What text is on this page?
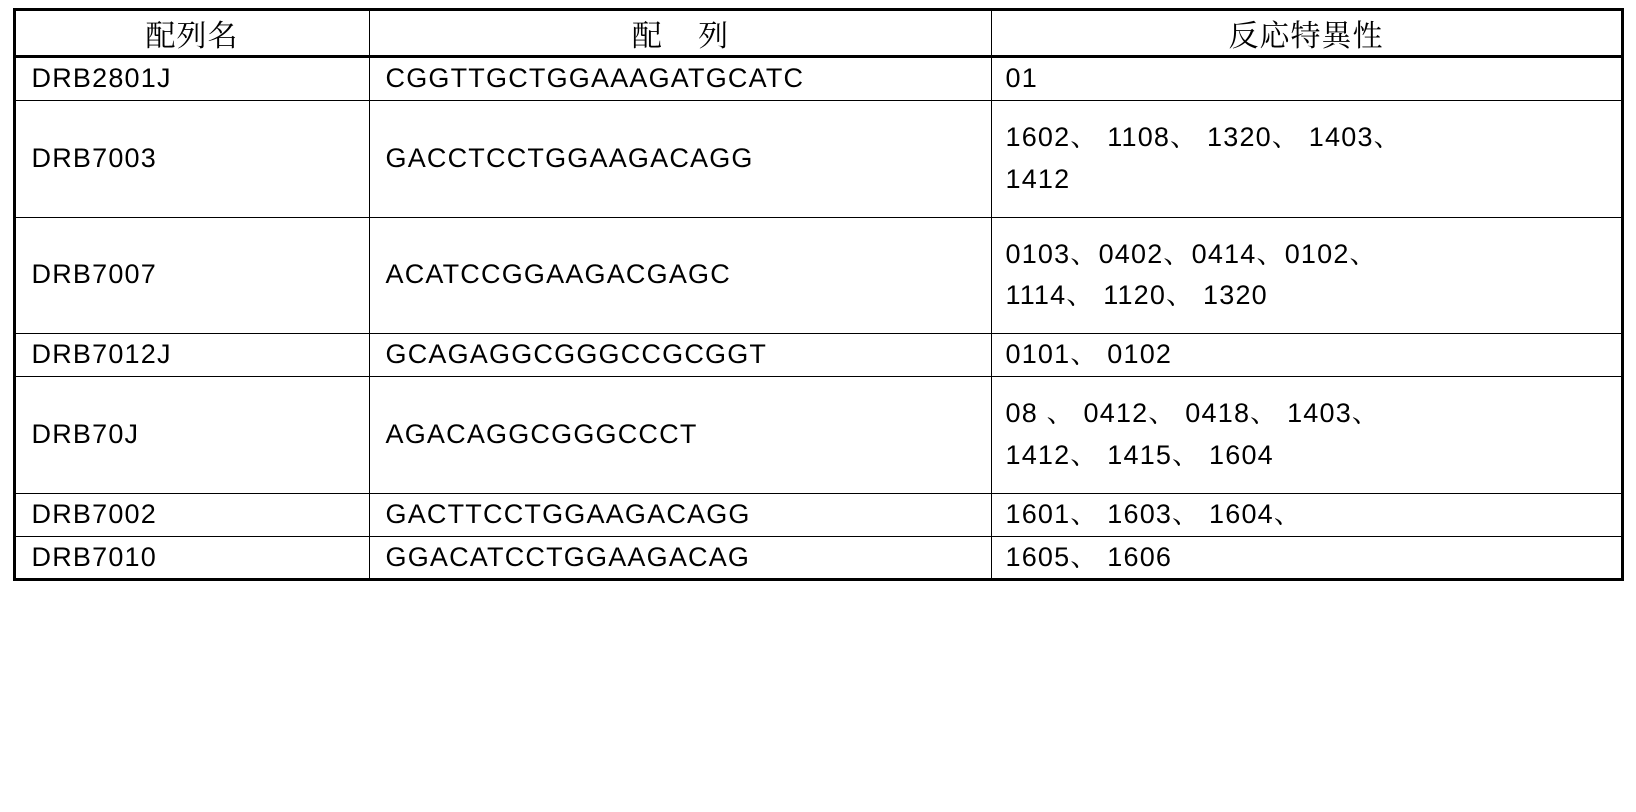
配列名	配 列	反応特異性
DRB2801J	CGGTTGCTGGAAAGATGCATC	01
DRB7003	GACCTCCTGGAAGACAGG	1602、 1108、 1320、 1403、
1412
DRB7007	ACATCCGGAAGACGAGC	0103、0402、0414、0102、
1114、 1120、 1320
DRB7012J	GCAGAGGCGGGCCGCGGT	0101、 0102
DRB70J	AGACAGGCGGGCCCT	08 、 0412、 0418、 1403、
1412、 1415、 1604
DRB7002	GACTTCCTGGAAGACAGG	1601、 1603、 1604、
DRB7010	GGACATCCTGGAAGACAG	1605、 1606
